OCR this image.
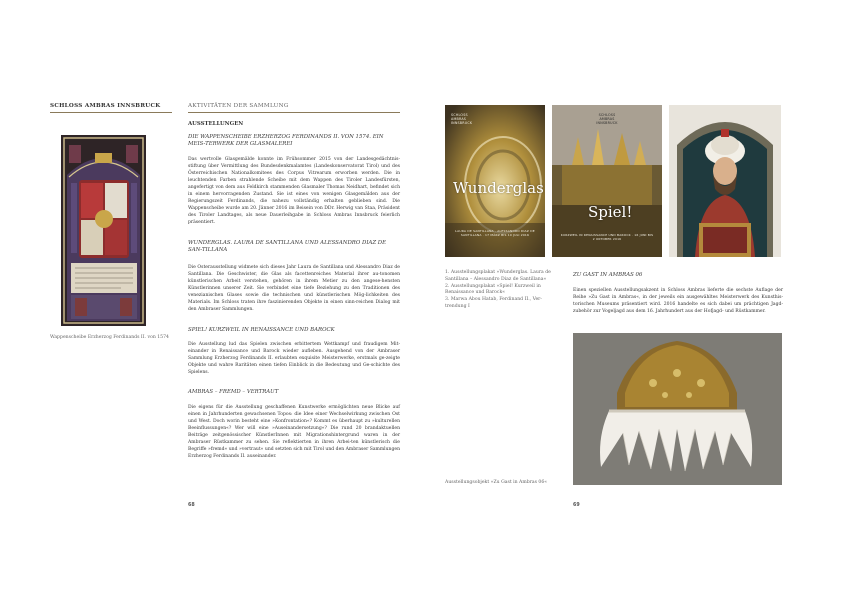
SCHLOSS AMBRAS INNSBRUCK
Wappenscheibe Erzherzog Ferdinands II. von 1574
AKTIVITÄTEN DER SAMMLUNG
AUSSTELLUNGEN
DIE WAPPENSCHEIBE ERZHERZOG FERDINANDS II. VON 1574. EIN MEIS-TERWERK DER GLASMALEREI

Das wertvolle Glasgemälde konnte im Frühsommer 2015 von der Landesgedächtnis-stiftung über Vermittlung des Bundesdenkmalamtes (Landeskonservatorat Tirol) und des Österreichischen Nationalkomitees des Corpus Vitrearum erworben werden. Die in leuchtenden Farben strahlende Scheibe mit dem Wappen des Tiroler Landesfürsten, angefertigt von dem aus Feldkirch stammenden Glasmaler Thomas Neidhart, befindet sich in einem hervorragenden Zustand. Sie ist eines von wenigen Glasgemälden aus der Regierungszeit Ferdinands, die nahezu vollständig erhalten geblieben sind. Die Wappenscheibe wurde am 20. Jänner 2016 im Beisein von DDr. Herwig van Staa, Präsident des Tiroler Landtages, als neue Dauerleihgabe in Schloss Ambras Innsbruck feierlich präsentiert.

WUNDERGLAS. LAURA DE SANTILLANA UND ALESSANDRO DIAZ DE SAN-TILLANA

Die Osterausstellung widmete sich dieses Jahr Laura de Santillana und Alessandro Diaz de Santillana. Die Geschwister, die Glas als facettenreiches Material ihrer au-tonomen künstlerischen Arbeit verstehen, gehören in ihrem Metier zu den angese-hensten Künstlerinnen unserer Zeit. Sie verbindet eine tiefe Beziehung zu den Traditionen des venezianischen Glases sowie die technischen und künstlerischen Mög-lichkeiten des Materials. Im Schloss traten ihre faszinierenden Objekte in einen sinn-reichen Dialog mit den Ambraser Sammlungen.

SPIEL! KURZWEIL IN RENAISSANCE UND BAROCK

Die Ausstellung lud das Spielen zwischen erbittertem Wettkampf und fraudigem Mit-einander in Renaissance und Barock wieder aufleben. Ausgehend von der Ambraser Sammlung Erzherzog Ferdinands II. erlaubten exquisite Meisterwerke, erstmals ge-zeigte Objekte und wahre Raritäten einen tiefen Einblick in die Bedeutung und Ge-schichte des Spielens.

AMBRAS – FREMD – VERTRAUT

Die eigens für die Ausstellung geschaffenen Kunstwerke ermöglichten neue Blicke auf einen in Jahrhunderten gewachsenen Topos: die Idee einer Wechselwirkung zwischen Ost und West. Doch worin besteht eine »Konfrontation«? Kommt es überhaupt zu »kulturellen Beeinflussungen«? Wer will eine »Auseinandersetzung«? Die rund 20 brandaktuellen Beiträge zeitgenössischer KünstlerInnen mit Migrationshintergrund waren in der Ambraser Rüstkammer zu sehen. Sie reflektierten in ihren Arbei-ten künstlerisch die Begriffe »fremd« und »vertraut« und setzten sich mit Tirol und den Ambraser Sammlungen Erzherzog Ferdinands II. auseinander.

68
SCHLOSS
AMBRAS
INNSBRUCK
Wunderglas
LAURA DE SANTILLANA · ALESSANDRO DIAZ DE SANTILLANA · 17 MÄRZ BIS 10 JULI 2016
SCHLOSS
AMBRAS
INNSBRUCK
Spiel!
KURZWEIL IN RENAISSANCE UND BAROCK · 16 JUNI BIS 2 OKTOBER 2016
1. Ausstellungsplakat »Wunderglas. Laura de Santillana – Alessandro Diaz de Santillana«
2. Ausstellungsplakat »Spiel! Kurzweil in Renaissance und Barock«
3. Marwa Abou Hatab, Ferdinand II., Ver-trendung I
ZU GAST IN AMBRAS 06

Einen speziellen Ausstellungsakzent in Schloss Ambras lieferte die sechste Auflage der Reihe »Zu Gast in Ambras«, in der jeweils ein ausgewähltes Meisterwerk des Kunsthis-torischen Museums präsentiert wird. 2016 handelte es sich dabei um prächtigen Jagd-zubehör zur Vogeljagd aus dem 16. Jahrhundert aus der Hofjagd- und Rüstkammer.

Ausstellungsobjekt »Zu Gast in Ambras 06«
69
